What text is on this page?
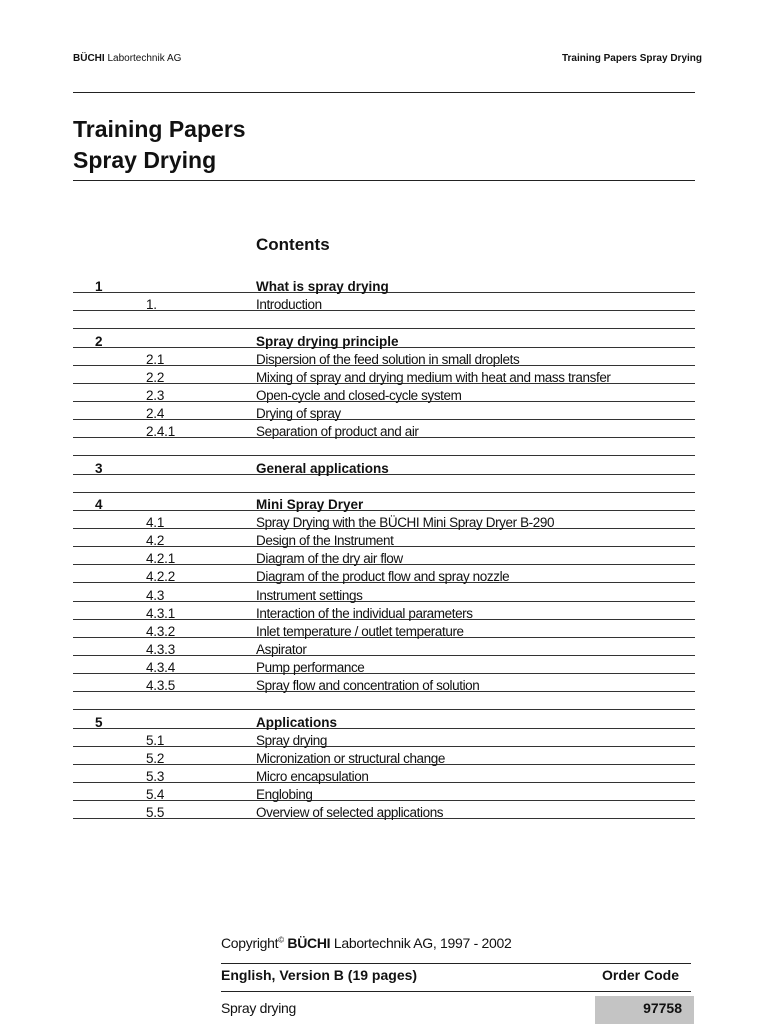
BÜCHI Labortechnik AG	Training Papers Spray Drying
Training Papers
Spray Drying
Contents
1	What is spray drying
1.	Introduction
2	Spray drying principle
2.1	Dispersion of the feed solution in small droplets
2.2	Mixing of spray and drying medium with heat and mass transfer
2.3	Open-cycle and closed-cycle system
2.4	Drying of spray
2.4.1	Separation of product and air
3	General applications
4	Mini Spray Dryer
4.1	Spray Drying with the BÜCHI Mini Spray Dryer B-290
4.2	Design of the Instrument
4.2.1	Diagram of the dry air flow
4.2.2	Diagram of the product flow and spray nozzle
4.3	Instrument settings
4.3.1	Interaction of the individual parameters
4.3.2	Inlet temperature / outlet temperature
4.3.3	Aspirator
4.3.4	Pump performance
4.3.5	Spray flow and concentration of solution
5	Applications
5.1	Spray drying
5.2	Micronization or structural change
5.3	Micro encapsulation
5.4	Englobing
5.5	Overview of selected applications
Copyright© BÜCHI Labortechnik AG, 1997 - 2002
English, Version B (19 pages)	Order Code
Spray drying	97758
